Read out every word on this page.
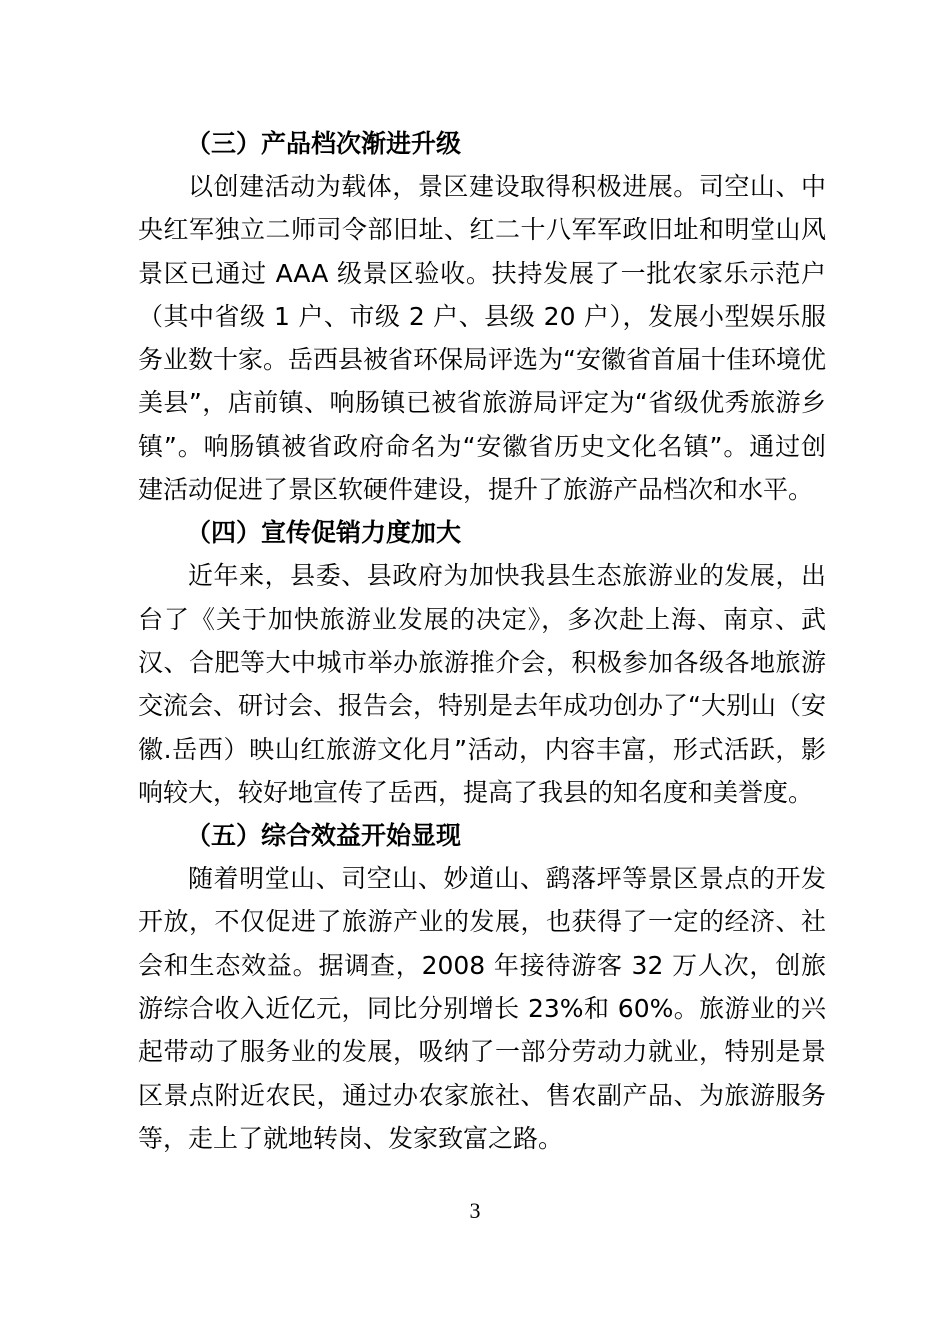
（三）产品档次渐进升级

以创建活动为载体，景区建设取得积极进展。司空山、中央红军独立二师司令部旧址、红二十八军军政旧址和明堂山风景区已通过 AAA 级景区验收。扶持发展了一批农家乐示范户（其中省级 1 户、市级 2 户、县级 20 户），发展小型娱乐服务业数十家。岳西县被省环保局评选为“安徽省首届十佳环境优美县”，店前镇、响肠镇已被省旅游局评定为“省级优秀旅游乡镇”。响肠镇被省政府命名为“安徽省历史文化名镇”。通过创建活动促进了景区软硬件建设，提升了旅游产品档次和水平。

（四）宣传促销力度加大

近年来，县委、县政府为加快我县生态旅游业的发展，出台了《关于加快旅游业发展的决定》，多次赴上海、南京、武汉、合肥等大中城市举办旅游推介会，积极参加各级各地旅游交流会、研讨会、报告会，特别是去年成功创办了“大别山（安徽.岳西）映山红旅游文化月”活动，内容丰富，形式活跃，影响较大，较好地宣传了岳西，提高了我县的知名度和美誉度。

（五）综合效益开始显现

随着明堂山、司空山、妙道山、鹞落坪等景区景点的开发开放，不仅促进了旅游产业的发展，也获得了一定的经济、社会和生态效益。据调查，2008 年接待游客 32 万人次，创旅游综合收入近亿元，同比分别增长 23%和 60%。旅游业的兴起带动了服务业的发展，吸纳了一部分劳动力就业，特别是景区景点附近农民，通过办农家旅社、售农副产品、为旅游服务等，走上了就地转岗、发家致富之路。

3
